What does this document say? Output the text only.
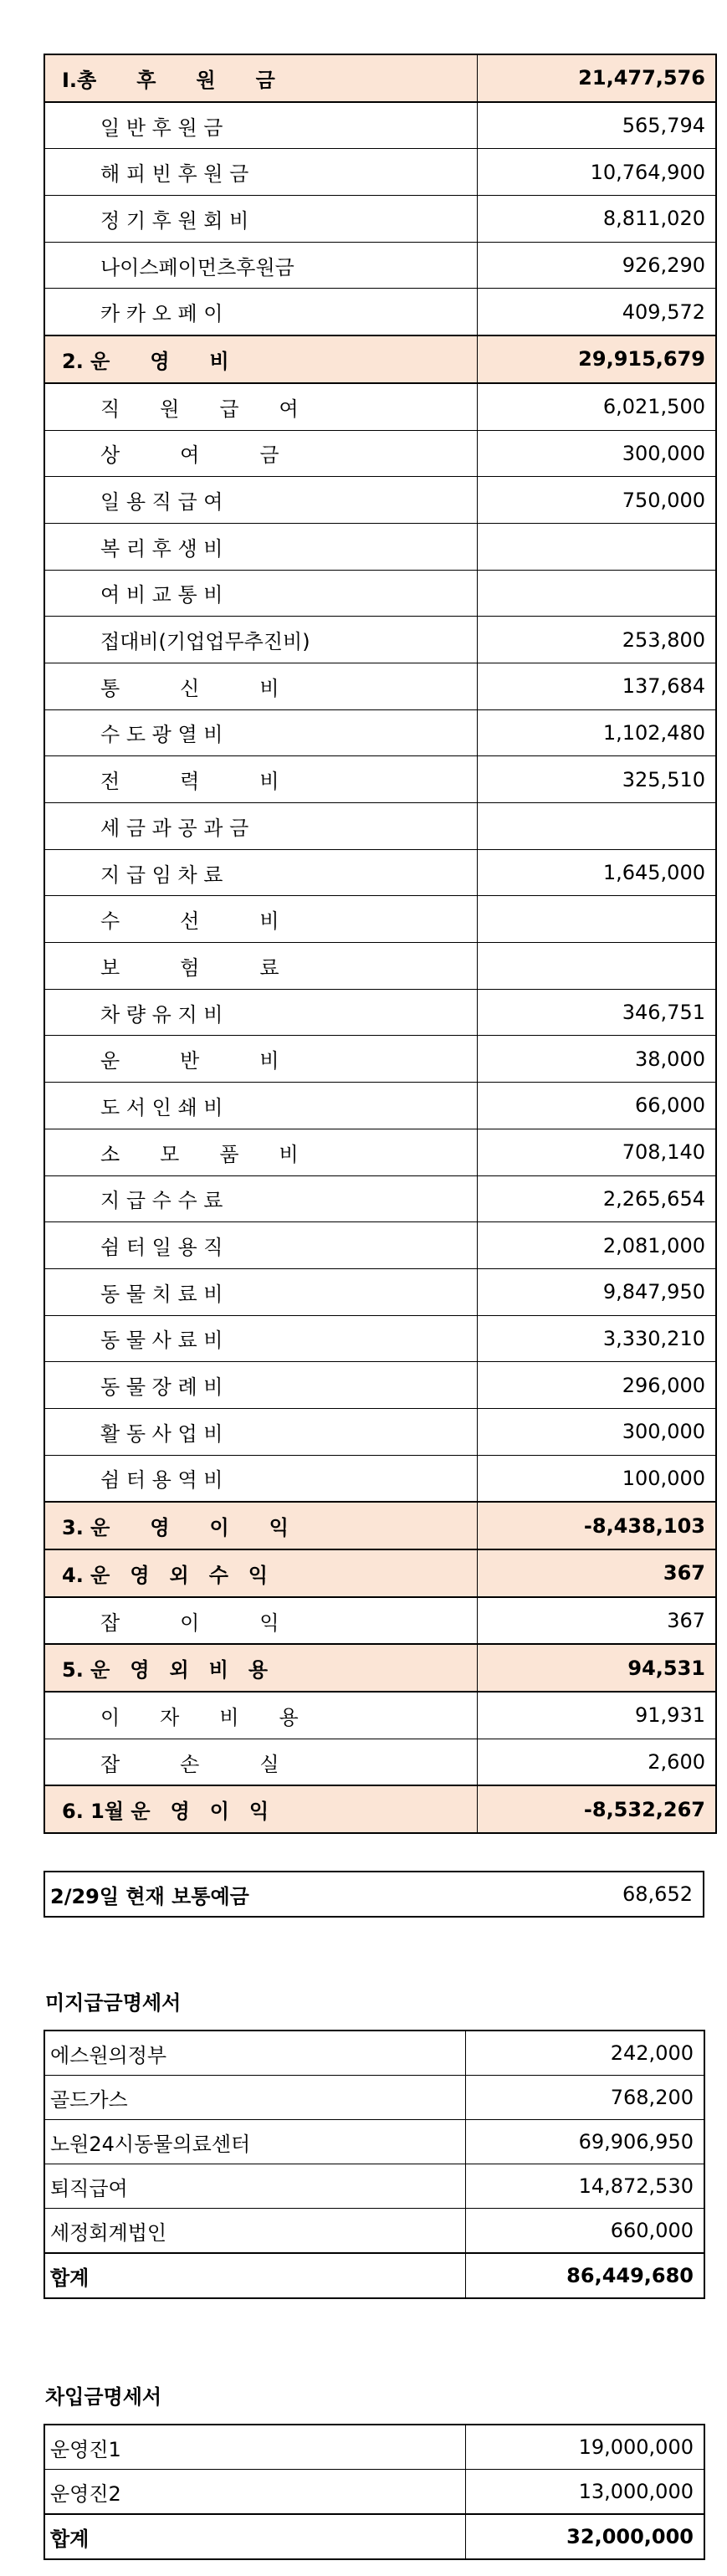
Ⅰ.총　　후　　원　　금	21,477,576
일 반 후 원 금	565,794
해 피 빈 후 원 금	10,764,900
정 기 후 원 회 비	8,811,020
나이스페이먼츠후원금	926,290
카 카 오 페 이	409,572
2. 운　　영　　비	29,915,679
직　　원　　급　　여	6,021,500
상　　　여　　　금	300,000
일 용 직 급 여	750,000
복 리 후 생 비	
여 비 교 통 비	
접대비(기업업무추진비)	253,800
통　　　신　　　비	137,684
수 도 광 열 비	1,102,480
전　　　력　　　비	325,510
세 금 과 공 과 금	
지 급 임 차 료	1,645,000
수　　　선　　　비	
보　　　험　　　료	
차 량 유 지 비	346,751
운　　　반　　　비	38,000
도 서 인 쇄 비	66,000
소　　모　　품　　비	708,140
지 급 수 수 료	2,265,654
쉼 터 일 용 직	2,081,000
동 물 치 료 비	9,847,950
동 물 사 료 비	3,330,210
동 물 장 례 비	296,000
활 동 사 업 비	300,000
쉼 터 용 역 비	100,000
3. 운　　영　　이　　익	-8,438,103
4. 운　영　외　수　익	367
잡　　　이　　　익	367
5. 운　영　외　비　용	94,531
이　　자　　비　　용	91,931
잡　　　손　　　실	2,600
6. 1월 운　영　이　익	-8,532,267
2/29일 현재 보통예금	68,652
미지급금명세서
에스원의정부	242,000
골드가스	768,200
노원24시동물의료센터	69,906,950
퇴직급여	14,872,530
세정회계법인	660,000
합계	86,449,680
차입금명세서
운영진1	19,000,000
운영진2	13,000,000
합계	32,000,000
